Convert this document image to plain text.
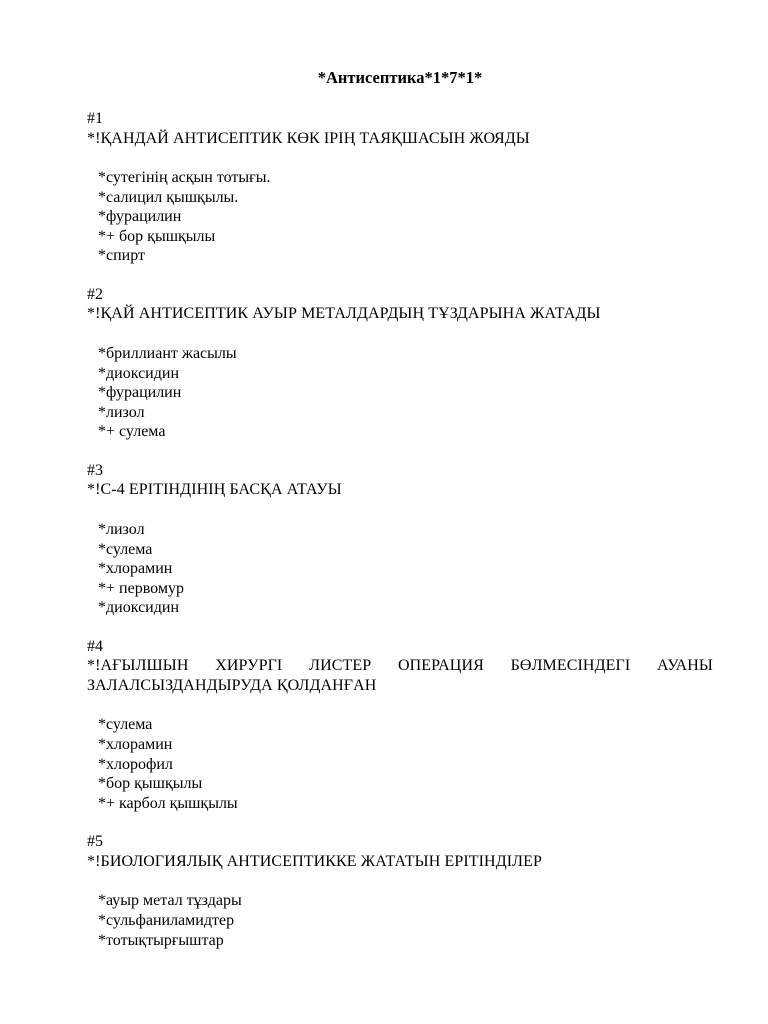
*Антисептика*1*7*1*
#1
*!ҚАНДАЙ АНТИСЕПТИК КӨК ІРІҢ ТАЯҚШАСЫН ЖОЯДЫ
*сутегінің асқын тотығы.
*салицил қышқылы.
*фурацилин
*+ бор қышқылы
*спирт
#2
*!ҚАЙ АНТИСЕПТИК АУЫР МЕТАЛДАРДЫҢ ТҰЗДАРЫНА ЖАТАДЫ
*бриллиант жасылы
*диоксидин
*фурацилин
*лизол
*+ сулема
#3
*!С-4 ЕРІТІНДІНІҢ БАСҚА АТАУЫ
*лизол
*сулема
*хлорамин
*+ первомур
*диоксидин
#4
*!АҒЫЛШЫН ХИРУРГІ ЛИСТЕР ОПЕРАЦИЯ БӨЛМЕСІНДЕГІ АУАНЫ ЗАЛАЛСЫЗДАНДЫРУДА ҚОЛДАНҒАН
*сулема
*хлорамин
*хлорофил
*бор қышқылы
*+ карбол қышқылы
#5
*!БИОЛОГИЯЛЫҚ АНТИСЕПТИККЕ ЖАТАТЫН ЕРІТІНДІЛЕР
*ауыр метал тұздары
*сульфаниламидтер
*тотықтырғыштар
